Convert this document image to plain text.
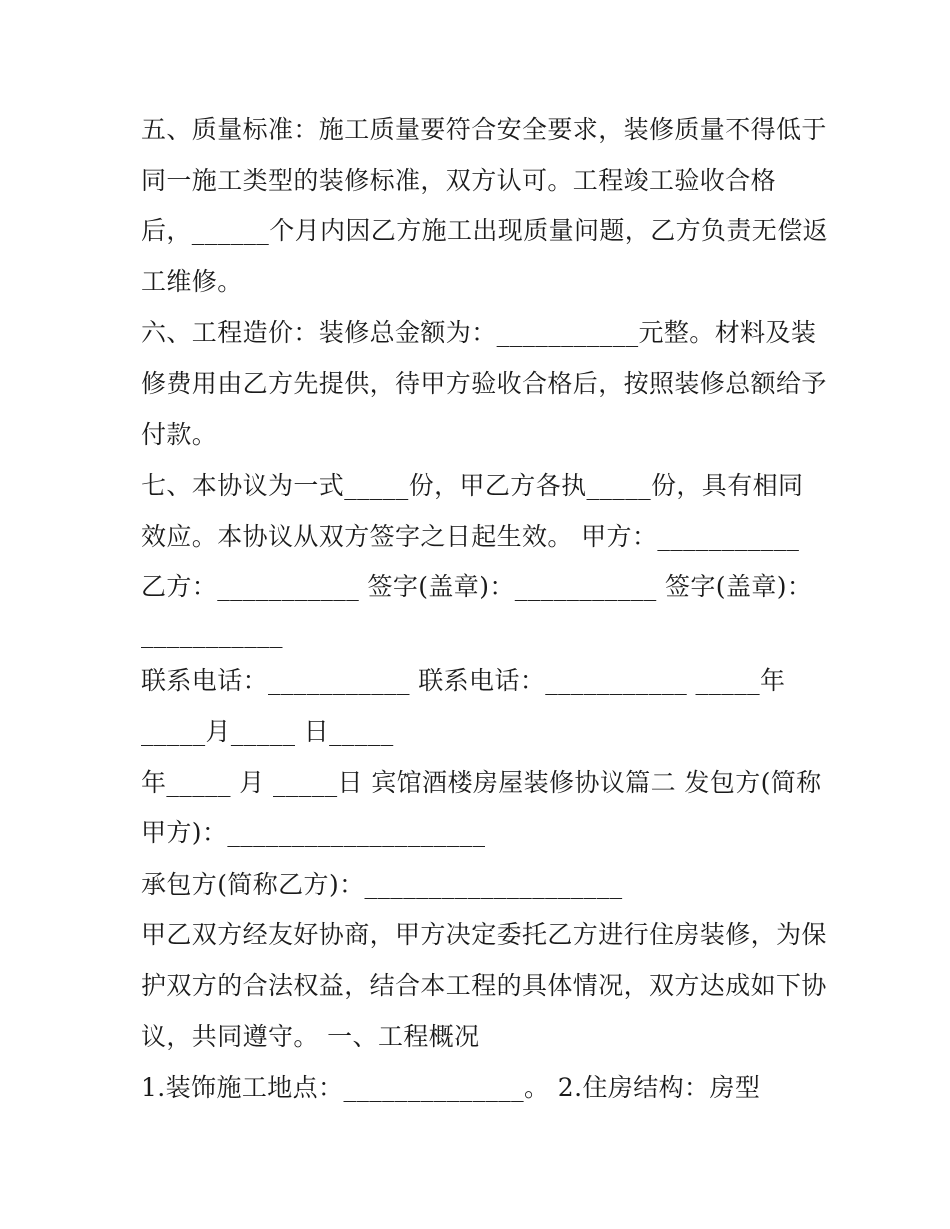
五、质量标准：施工质量要符合安全要求，装修质量不得低于
同一施工类型的装修标准，双方认可。工程竣工验收合格
后，______个月内因乙方施工出现质量问题，乙方负责无偿返
工维修。
六、工程造价：装修总金额为：___________元整。材料及装
修费用由乙方先提供，待甲方验收合格后，按照装修总额给予
付款。
七、本协议为一式_____份，甲乙方各执_____份，具有相同
效应。本协议从双方签字之日起生效。 甲方：___________
乙方：___________ 签字(盖章)：___________ 签字(盖章)：
___________
联系电话：___________ 联系电话：___________ _____年
_____月_____ 日_____
年_____ 月 _____日 宾馆酒楼房屋装修协议篇二 发包方(简称
甲方)：____________________
承包方(简称乙方)：____________________
甲乙双方经友好协商，甲方决定委托乙方进行住房装修，为保
护双方的合法权益，结合本工程的具体情况，双方达成如下协
议，共同遵守。 一、工程概况
1.装饰施工地点：______________。 2.住房结构：房型
